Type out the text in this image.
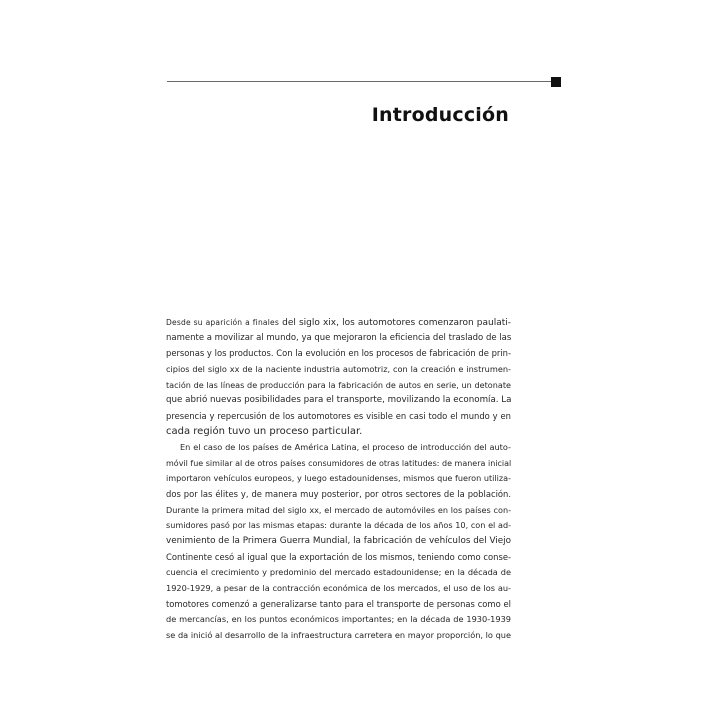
Introducción
Desde su aparición a finales del siglo xix, los automotores comenzaron paulati-
namente a movilizar al mundo, ya que mejoraron la eficiencia del traslado de las
personas y los productos. Con la evolución en los procesos de fabricación de prin-
cipios del siglo xx de la naciente industria automotriz, con la creación e instrumen-
tación de las líneas de producción para la fabricación de autos en serie, un detonate
que abrió nuevas posibilidades para el transporte, movilizando la economía. La
presencia y repercusión de los automotores es visible en casi todo el mundo y en
cada región tuvo un proceso particular.
En el caso de los países de América Latina, el proceso de introducción del auto-
móvil fue similar al de otros países consumidores de otras latitudes: de manera inicial
importaron vehículos europeos, y luego estadounidenses, mismos que fueron utiliza-
dos por las élites y, de manera muy posterior, por otros sectores de la población.
Durante la primera mitad del siglo xx, el mercado de automóviles en los países con-
sumidores pasó por las mismas etapas: durante la década de los años 10, con el ad-
venimiento de la Primera Guerra Mundial, la fabricación de vehículos del Viejo
Continente cesó al igual que la exportación de los mismos, teniendo como conse-
cuencia el crecimiento y predominio del mercado estadounidense; en la década de
1920-1929, a pesar de la contracción económica de los mercados, el uso de los au-
tomotores comenzó a generalizarse tanto para el transporte de personas como el
de mercancías, en los puntos económicos importantes; en la década de 1930-1939
se da inició al desarrollo de la infraestructura carretera en mayor proporción, lo que
